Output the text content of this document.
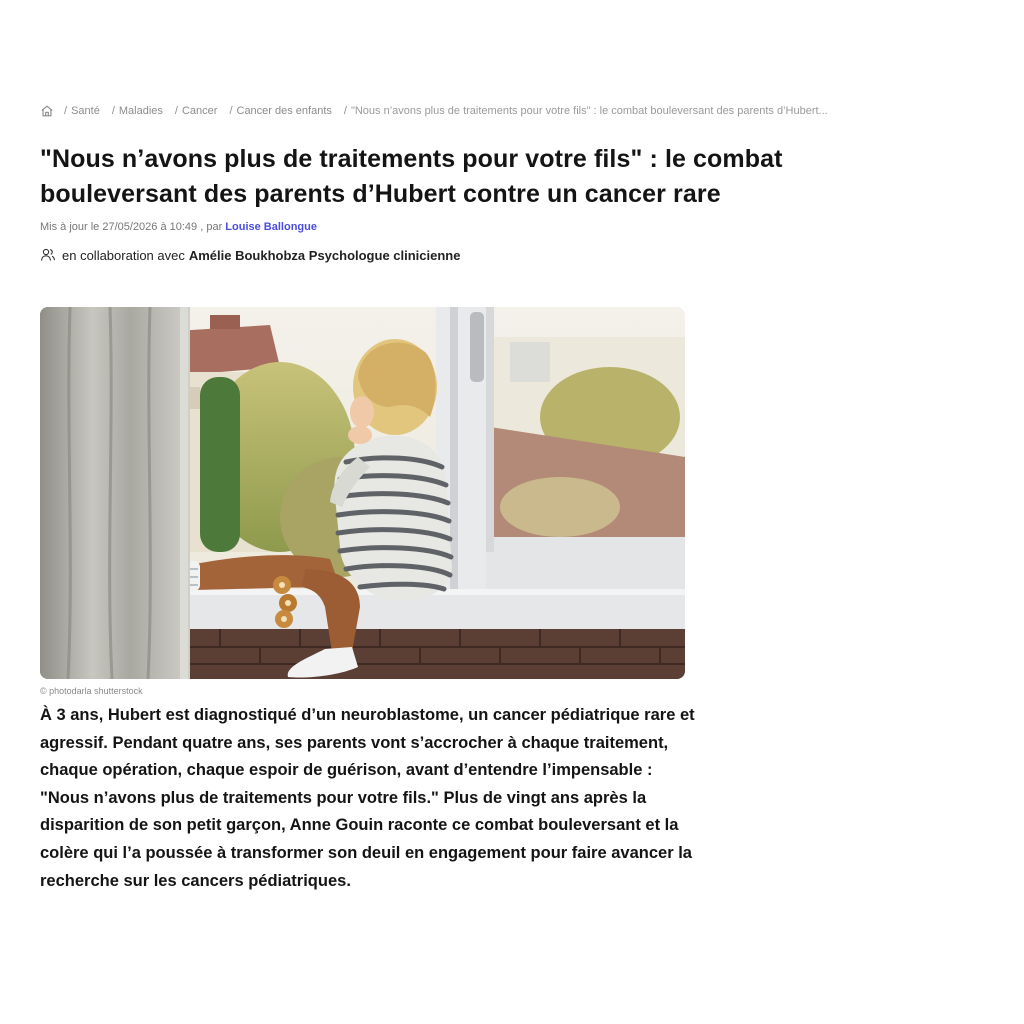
/ Santé / Maladies / Cancer / Cancer des enfants / "Nous n’avons plus de traitements pour votre fils" : le combat bouleversant des parents d’Hubert...
"Nous n’avons plus de traitements pour votre fils" : le combat bouleversant des parents d’Hubert contre un cancer rare
Mis à jour le 27/05/2026 à 10:49 , par Louise Ballongue
en collaboration avec Amélie Boukhobza Psychologue clinicienne
© photodarla shutterstock

À 3 ans, Hubert est diagnostiqué d’un neuroblastome, un cancer pédiatrique rare et agressif. Pendant quatre ans, ses parents vont s’accrocher à chaque traitement, chaque opération, chaque espoir de guérison, avant d’entendre l’impensable : "Nous n’avons plus de traitements pour votre fils." Plus de vingt ans après la disparition de son petit garçon, Anne Gouin raconte ce combat bouleversant et la colère qui l’a poussée à transformer son deuil en engagement pour faire avancer la recherche sur les cancers pédiatriques.
